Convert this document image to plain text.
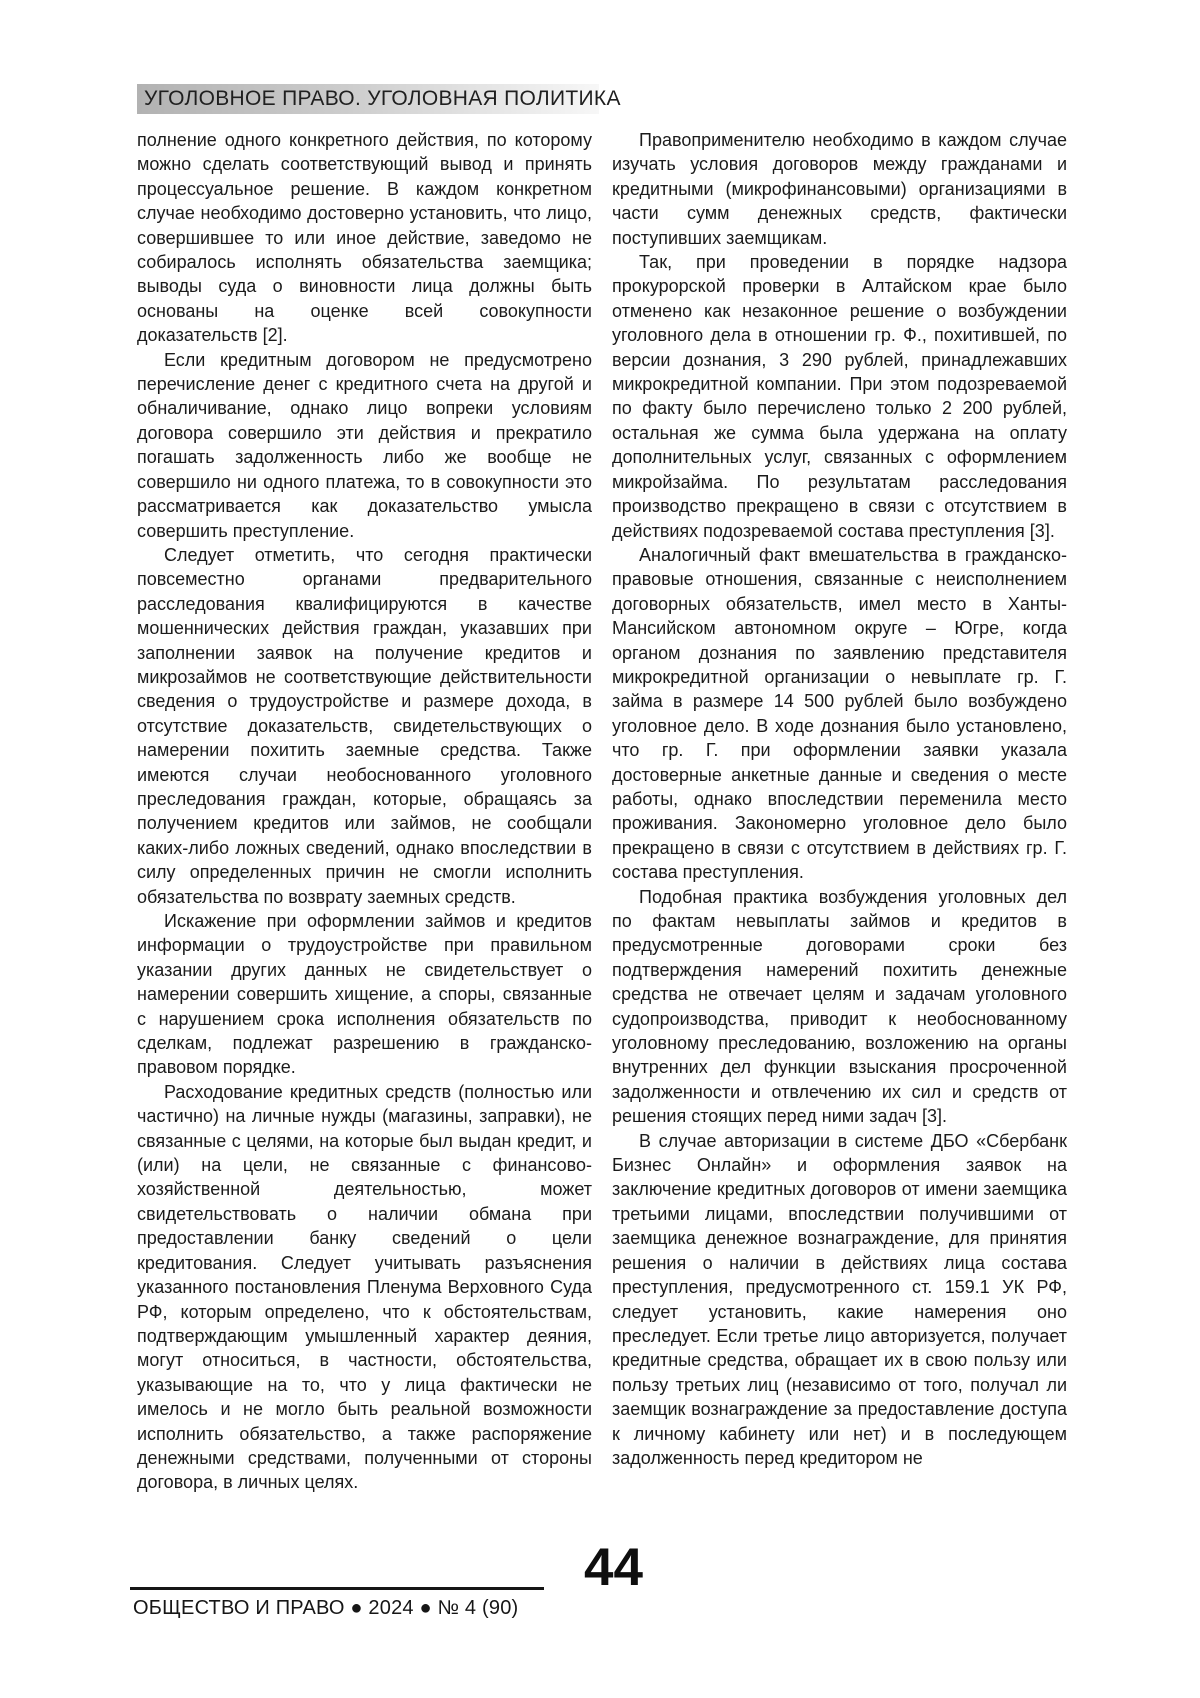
УГОЛОВНОЕ ПРАВО. УГОЛОВНАЯ ПОЛИТИКА

полнение одного конкретного действия, по которому можно сделать соответствующий вывод и принять процессуальное решение. В каждом конкретном случае необходимо достоверно установить, что лицо, совершившее то или иное действие, заведомо не собиралось исполнять обязательства заемщика; выводы суда о виновности лица должны быть основаны на оценке всей совокупности доказательств [2].

Если кредитным договором не предусмотрено перечисление денег с кредитного счета на другой и обналичивание, однако лицо вопреки условиям договора совершило эти действия и прекратило погашать задолженность либо же вообще не совершило ни одного платежа, то в совокупности это рассматривается как доказательство умысла совершить преступление.

Следует отметить, что сегодня практически повсеместно органами предварительного расследования квалифицируются в качестве мошеннических действия граждан, указавших при заполнении заявок на получение кредитов и микрозаймов не соответствующие действительности сведения о трудоустройстве и размере дохода, в отсутствие доказательств, свидетельствующих о намерении похитить заемные средства. Также имеются случаи необоснованного уголовного преследования граждан, которые, обращаясь за получением кредитов или займов, не сообщали каких-либо ложных сведений, однако впоследствии в силу определенных причин не смогли исполнить обязательства по возврату заемных средств.

Искажение при оформлении займов и кредитов информации о трудоустройстве при правильном указании других данных не свидетельствует о намерении совершить хищение, а споры, связанные с нарушением срока исполнения обязательств по сделкам, подлежат разрешению в гражданско-правовом порядке.

Расходование кредитных средств (полностью или частично) на личные нужды (магазины, заправки), не связанные с целями, на которые был выдан кредит, и (или) на цели, не связанные с финансово-хозяйственной деятельностью, может свидетельствовать о наличии обмана при предоставлении банку сведений о цели кредитования. Следует учитывать разъяснения указанного постановления Пленума Верховного Суда РФ, которым определено, что к обстоятельствам, подтверждающим умышленный характер деяния, могут относиться, в частности, обстоятельства, указывающие на то, что у лица фактически не имелось и не могло быть реальной возможности исполнить обязательство, а также распоряжение денежными средствами, полученными от стороны договора, в личных целях.

Правоприменителю необходимо в каждом случае изучать условия договоров между гражданами и кредитными (микрофинансовыми) организациями в части сумм денежных средств, фактически поступивших заемщикам.

Так, при проведении в порядке надзора прокурорской проверки в Алтайском крае было отменено как незаконное решение о возбуждении уголовного дела в отношении гр. Ф., похитившей, по версии дознания, 3 290 рублей, принадлежавших микрокредитной компании. При этом подозреваемой по факту было перечислено только 2 200 рублей, остальная же сумма была удержана на оплату дополнительных услуг, связанных с оформлением микройзайма. По результатам расследования производство прекращено в связи с отсутствием в действиях подозреваемой состава преступления [3].

Аналогичный факт вмешательства в гражданско-правовые отношения, связанные с неисполнением договорных обязательств, имел место в Ханты-Мансийском автономном округе – Югре, когда органом дознания по заявлению представителя микрокредитной организации о невыплате гр. Г. займа в размере 14 500 рублей было возбуждено уголовное дело. В ходе дознания было установлено, что гр. Г. при оформлении заявки указала достоверные анкетные данные и сведения о месте работы, однако впоследствии переменила место проживания. Закономерно уголовное дело было прекращено в связи с отсутствием в действиях гр. Г. состава преступления.

Подобная практика возбуждения уголовных дел по фактам невыплаты займов и кредитов в предусмотренные договорами сроки без подтверждения намерений похитить денежные средства не отвечает целям и задачам уголовного судопроизводства, приводит к необоснованному уголовному преследованию, возложению на органы внутренних дел функции взыскания просроченной задолженности и отвлечению их сил и средств от решения стоящих перед ними задач [3].

В случае авторизации в системе ДБО «Сбербанк Бизнес Онлайн» и оформления заявок на заключение кредитных договоров от имени заемщика третьими лицами, впоследствии получившими от заемщика денежное вознаграждение, для принятия решения о наличии в действиях лица состава преступления, предусмотренного ст. 159.1 УК РФ, следует установить, какие намерения оно преследует. Если третье лицо авторизуется, получает кредитные средства, обращает их в свою пользу или пользу третьих лиц (независимо от того, получал ли заемщик вознаграждение за предоставление доступа к личному кабинету или нет) и в последующем задолженность перед кредитором не

44
ОБЩЕСТВО И ПРАВО ● 2024 ● № 4 (90)
